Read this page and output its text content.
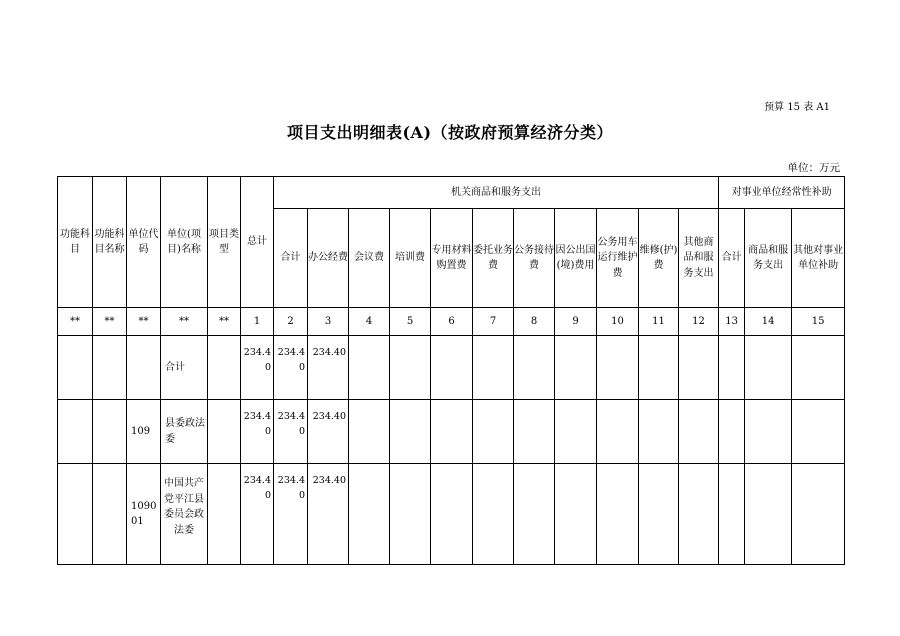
预算 15 表 A1
项目支出明细表(A)（按政府预算经济分类）
单位：万元
功能科目	功能科目名称	单位代码	单位(项目)名称	项目类型	总计	机关商品和服务支出											对事业单位经常性补助		
						合计	办公经费	会议费	培训费	专用材料购置费	委托业务费	公务接待费	因公出国(境)费用	公务用车运行维护费	维修(护)费	其他商品和服务支出	合计	商品和服务支出	其他对事业单位补助
**	**	**	**	**	1	2	3	4	5	6	7	8	9	10	11	12	13	14	15
			合计		234.40	234.40	234.40												
		109	县委政法委		234.40	234.40	234.40												
		109001	中国共产党平江县委员会政法委		234.40	234.40	234.40												
